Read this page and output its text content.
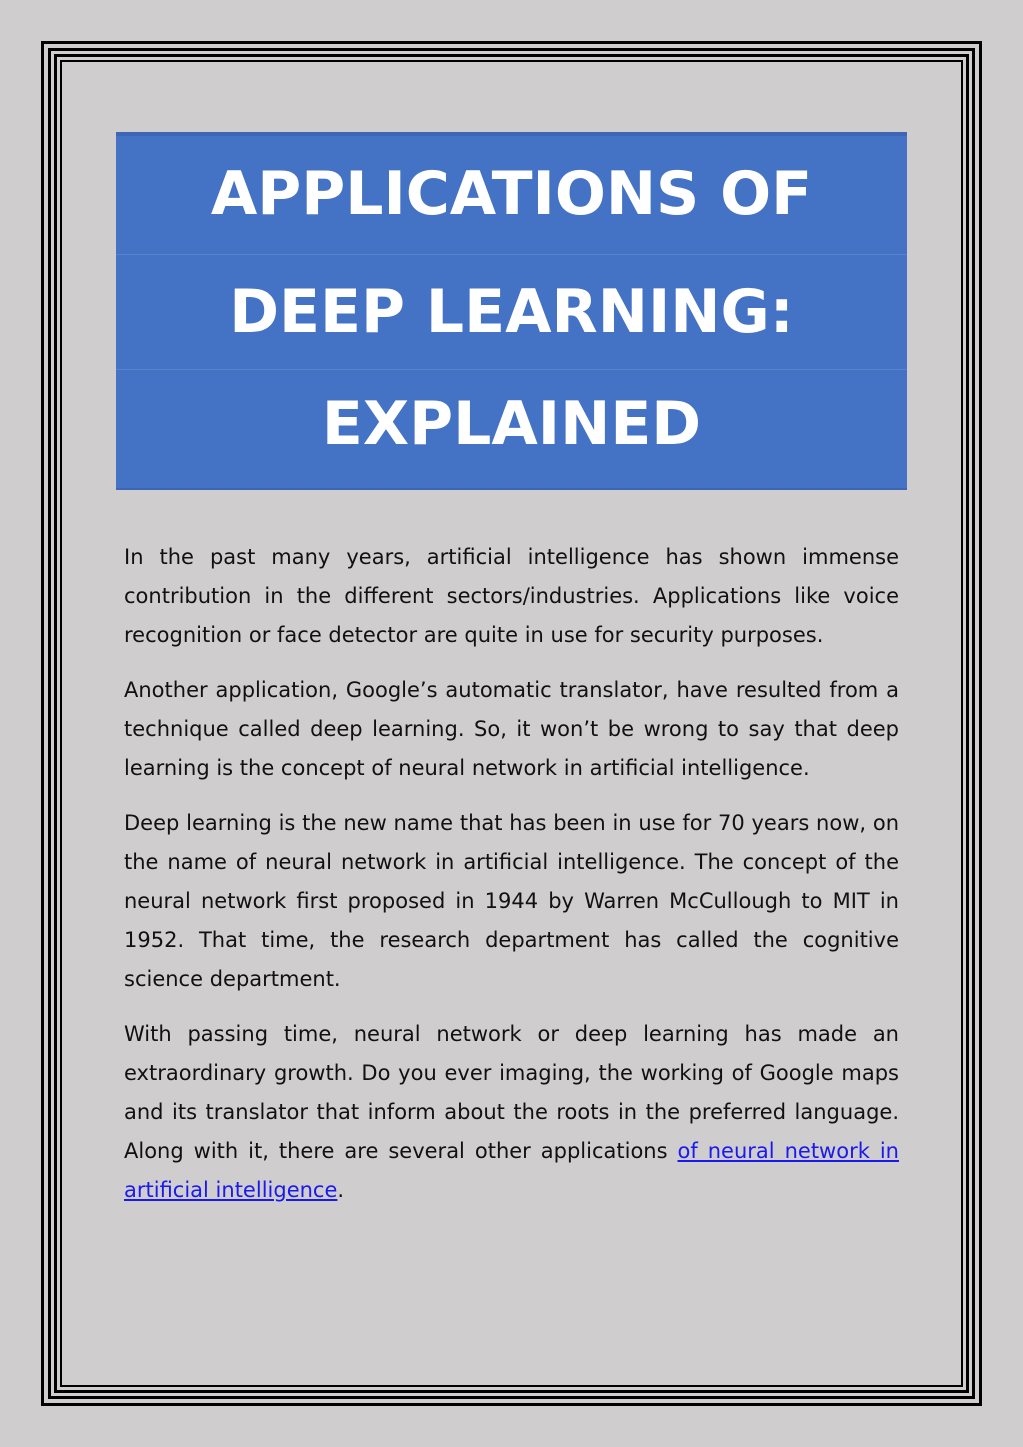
APPLICATIONS OF
DEEP LEARNING:
EXPLAINED

In the past many years, artificial intelligence has shown immense contribution in the different sectors/industries. Applications like voice recognition or face detector are quite in use for security purposes.

Another application, Google’s automatic translator, have resulted from a technique called deep learning. So, it won’t be wrong to say that deep learning is the concept of neural network in artificial intelligence.

Deep learning is the new name that has been in use for 70 years now, on the name of neural network in artificial intelligence. The concept of the neural network first proposed in 1944 by Warren McCullough to MIT in 1952. That time, the research department has called the cognitive science department.

With passing time, neural network or deep learning has made an extraordinary growth. Do you ever imaging, the working of Google maps and its translator that inform about the roots in the preferred language. Along with it, there are several other applications of neural network in artificial intelligence.
